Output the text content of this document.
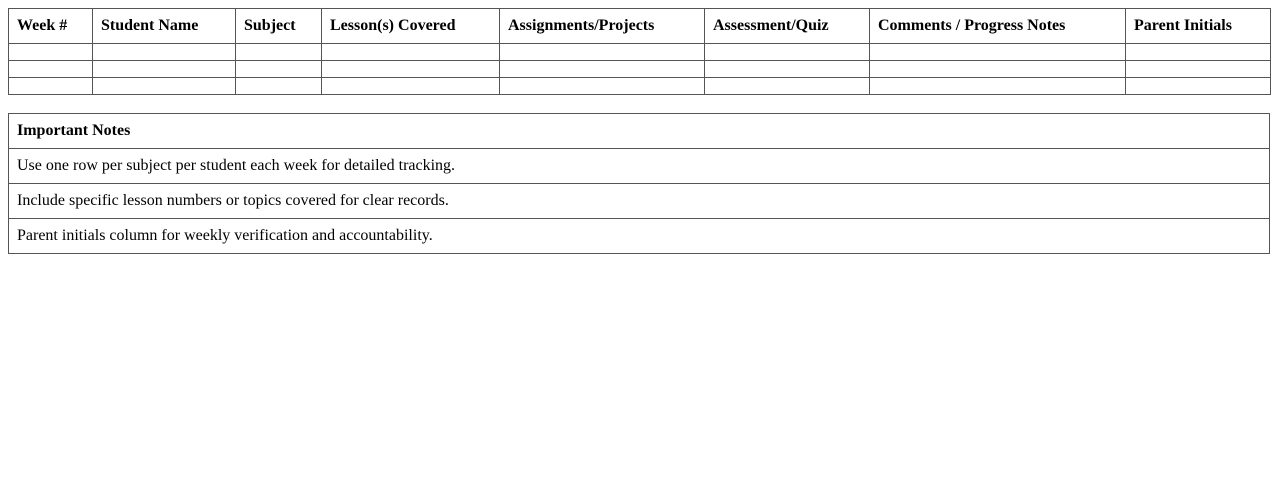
Week #	Student Name	Subject	Lesson(s) Covered	Assignments/Projects	Assessment/Quiz	Comments / Progress Notes	Parent Initials

Important Notes
Use one row per subject per student each week for detailed tracking.
Include specific lesson numbers or topics covered for clear records.
Parent initials column for weekly verification and accountability.
